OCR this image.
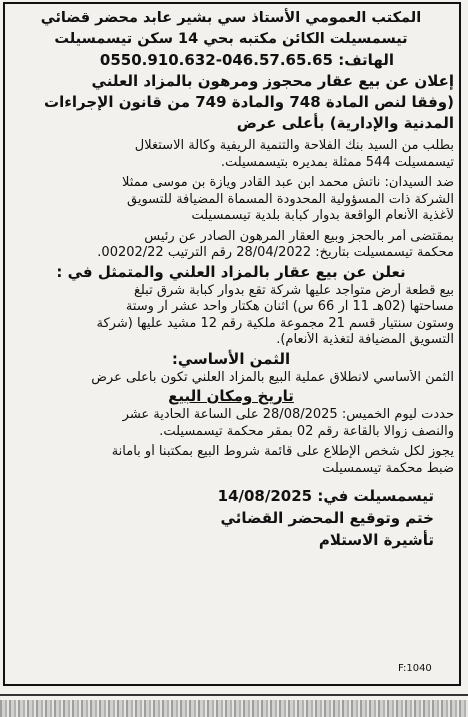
المكتب العمومي الأستاذ سي بشير عابد محضر قضائي
تيسمسيلت الكائن مكتبه بحي 14 سكن تيسمسيلت
الهاتف: 046.57.65.65-0550.910.632
إعلان عن بيع عقار محجوز ومرهون بالمزاد العلني
(وفقا لنص المادة 748 والمادة 749 من قانون الإجراءات
المدنية والإدارية) بأعلى عرض
بطلب من السيد بنك الفلاحة والتنمية الريفية وكالة الاستغلال
تيسمسيلت 544 ممثلة بمديره بتيسمسيلت.
ضد السيدان: ناتش محمد ابن عبد القادر ويازة بن موسى ممثلا
الشركة ذات المسؤولية المحدودة المسماة المضيافة للتسويق
لأغذية الأنعام الواقعة بدوار كبابة بلدية تيسمسيلت
بمقتضى أمر بالحجز وبيع العقار المرهون الصادر عن رئيس
محكمة تيسمسيلت بتاريخ: 28/04/2022 رقم الترتيب 00202/22.
نعلن عن بيع عقار بالمزاد العلني والمتمثل في :
بيع قطعة أرض متواجد عليها شركة تقع بدوار كبابة شرق تبلغ
مساحتها (02هـ 11 آر 66 س) اثنان هكتار واحد عشر آر وستة
وستون سنتيار قسم 21 مجموعة ملكية رقم 12 مشيد عليها (شركة
التسويق المضيافة لتغذية الأنعام).
الثمن الأساسي:
الثمن الأساسي لانطلاق عملية البيع بالمزاد العلني تكون بأعلى عرض
تاريخ ومكان البيع
حددت ليوم الخميس: 28/08/2025 على الساعة الحادية عشر
والنصف زوالا بالقاعة رقم 02 بمقر محكمة تيسمسيلت.
يجوز لكل شخص الإطلاع على قائمة شروط البيع بمكتبنا أو بأمانة
ضبط محكمة تيسمسيلت
تيسمسيلت في: 14/08/2025
ختم وتوقيع المحضر القضائي
تأشيرة الاستلام
F:1040
